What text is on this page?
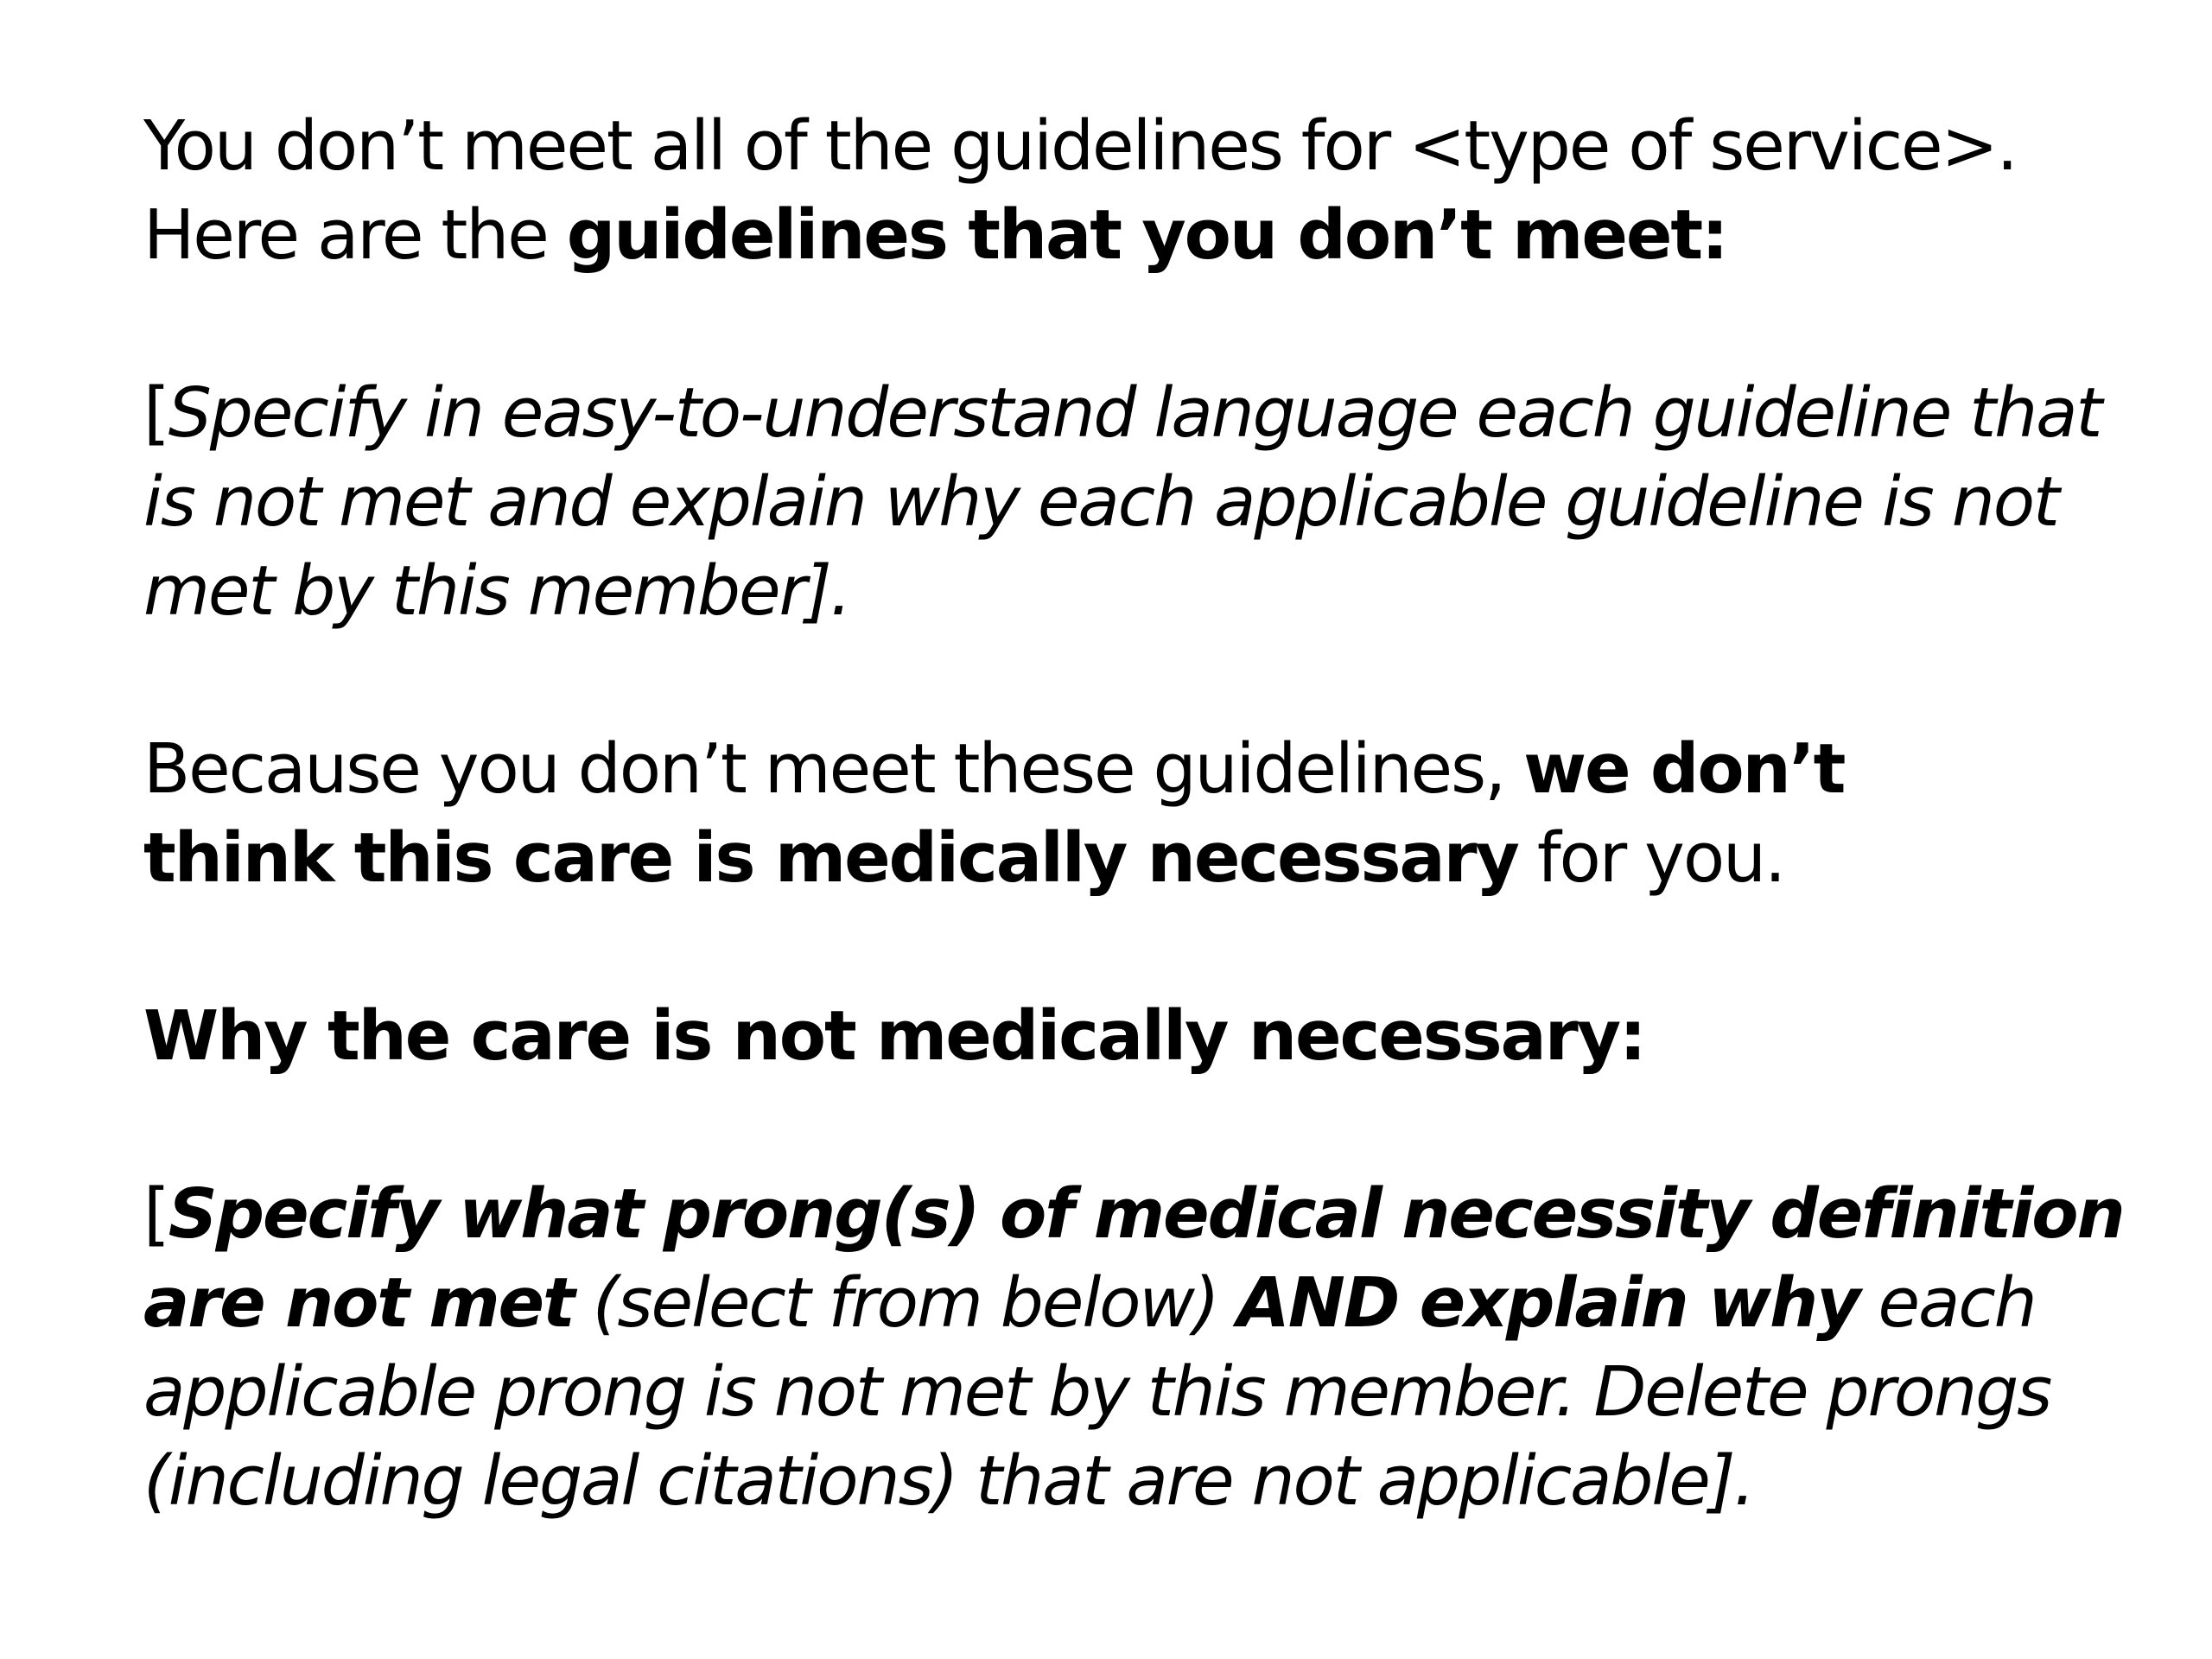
You don’t meet all of the guidelines for <type of service>.
Here are the guidelines that you don’t meet:

[Specify in easy-to-understand language each guideline that
is not met and explain why each applicable guideline is not
met by this member].

Because you don’t meet these guidelines, we don’t
think this care is medically necessary for you.

Why the care is not medically necessary:

[Specify what prong(s) of medical necessity definition
are not met (select from below) AND explain why each
applicable prong is not met by this member. Delete prongs
(including legal citations) that are not applicable].
